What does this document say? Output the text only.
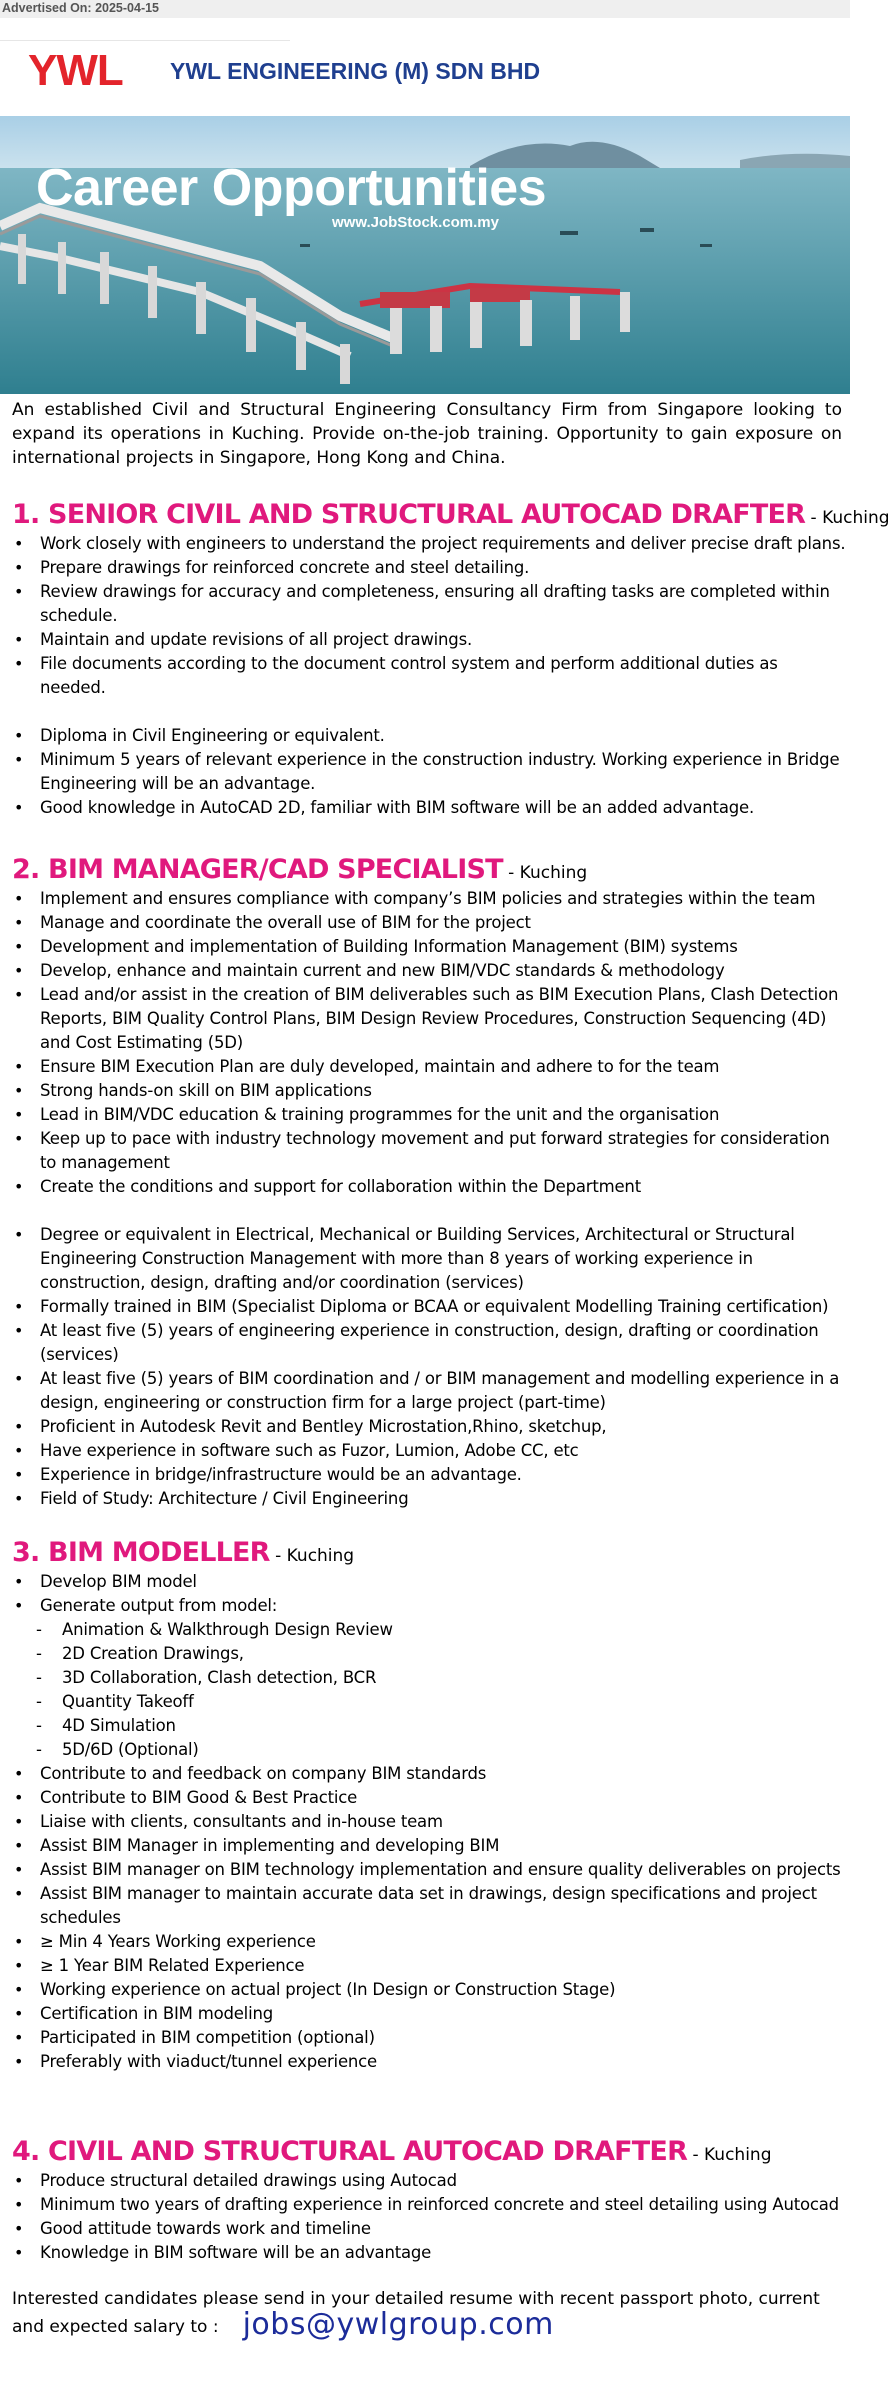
Advertised On: 2025-04-15
YWL YWL ENGINEERING (M) SDN BHD
Career Opportunities
www.JobStock.com.my

An established Civil and Structural Engineering Consultancy Firm from Singapore looking to expand its operations in Kuching. Provide on-the-job training. Opportunity to gain exposure on international projects in Singapore, Hong Kong and China.

1. SENIOR CIVIL AND STRUCTURAL AUTOCAD DRAFTER - Kuching
• Work closely with engineers to understand the project requirements and deliver precise draft plans.
• Prepare drawings for reinforced concrete and steel detailing.
• Review drawings for accuracy and completeness, ensuring all drafting tasks are completed within schedule.
• Maintain and update revisions of all project drawings.
• File documents according to the document control system and perform additional duties as needed.
• Diploma in Civil Engineering or equivalent.
• Minimum 5 years of relevant experience in the construction industry. Working experience in Bridge Engineering will be an advantage.
• Good knowledge in AutoCAD 2D, familiar with BIM software will be an added advantage.
2. BIM MANAGER/CAD SPECIALIST - Kuching
• Implement and ensures compliance with company’s BIM policies and strategies within the team
• Manage and coordinate the overall use of BIM for the project
• Development and implementation of Building Information Management (BIM) systems
• Develop, enhance and maintain current and new BIM/VDC standards & methodology
• Lead and/or assist in the creation of BIM deliverables such as BIM Execution Plans, Clash Detection Reports, BIM Quality Control Plans, BIM Design Review Procedures, Construction Sequencing (4D) and Cost Estimating (5D)
• Ensure BIM Execution Plan are duly developed, maintain and adhere to for the team
• Strong hands-on skill on BIM applications
• Lead in BIM/VDC education & training programmes for the unit and the organisation
• Keep up to pace with industry technology movement and put forward strategies for consideration to management
• Create the conditions and support for collaboration within the Department
• Degree or equivalent in Electrical, Mechanical or Building Services, Architectural or Structural Engineering Construction Management with more than 8 years of working experience in construction, design, drafting and/or coordination (services)
• Formally trained in BIM (Specialist Diploma or BCAA or equivalent Modelling Training certification)
• At least five (5) years of engineering experience in construction, design, drafting or coordination (services)
• At least five (5) years of BIM coordination and / or BIM management and modelling experience in a design, engineering or construction firm for a large project (part-time)
• Proficient in Autodesk Revit and Bentley Microstation,Rhino, sketchup,
• Have experience in software such as Fuzor, Lumion, Adobe CC, etc
• Experience in bridge/infrastructure would be an advantage.
• Field of Study: Architecture / Civil Engineering
3. BIM MODELLER - Kuching
• Develop BIM model
• Generate output from model:
- Animation & Walkthrough Design Review
- 2D Creation Drawings,
- 3D Collaboration, Clash detection, BCR
- Quantity Takeoff
- 4D Simulation
- 5D/6D (Optional)
• Contribute to and feedback on company BIM standards
• Contribute to BIM Good & Best Practice
• Liaise with clients, consultants and in-house team
• Assist BIM Manager in implementing and developing BIM
• Assist BIM manager on BIM technology implementation and ensure quality deliverables on projects
• Assist BIM manager to maintain accurate data set in drawings, design specifications and project schedules
• ≥ Min 4 Years Working experience
• ≥ 1 Year BIM Related Experience
• Working experience on actual project (In Design or Construction Stage)
• Certification in BIM modeling
• Participated in BIM competition (optional)
• Preferably with viaduct/tunnel experience
4. CIVIL AND STRUCTURAL AUTOCAD DRAFTER - Kuching
• Produce structural detailed drawings using Autocad
• Minimum two years of drafting experience in reinforced concrete and steel detailing using Autocad
• Good attitude towards work and timeline
• Knowledge in BIM software will be an advantage
Interested candidates please send in your detailed resume with recent passport photo, current and expected salary to : jobs@ywlgroup.com
